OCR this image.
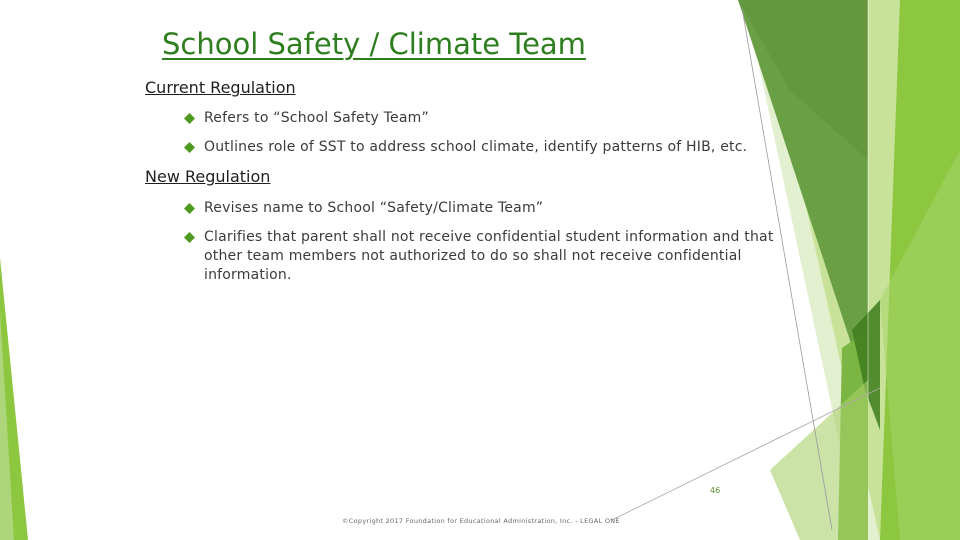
School Safety / Climate Team
Current Regulation
Refers to “School Safety Team”
Outlines role of SST to address school climate, identify patterns of HIB, etc.
New Regulation
Revises name to School “Safety/Climate Team”
Clarifies that parent shall not receive confidential student information and that other team members not authorized to do so shall not receive confidential information.
46
©Copyright 2017 Foundation for Educational Administration, Inc. - LEGAL ONE
